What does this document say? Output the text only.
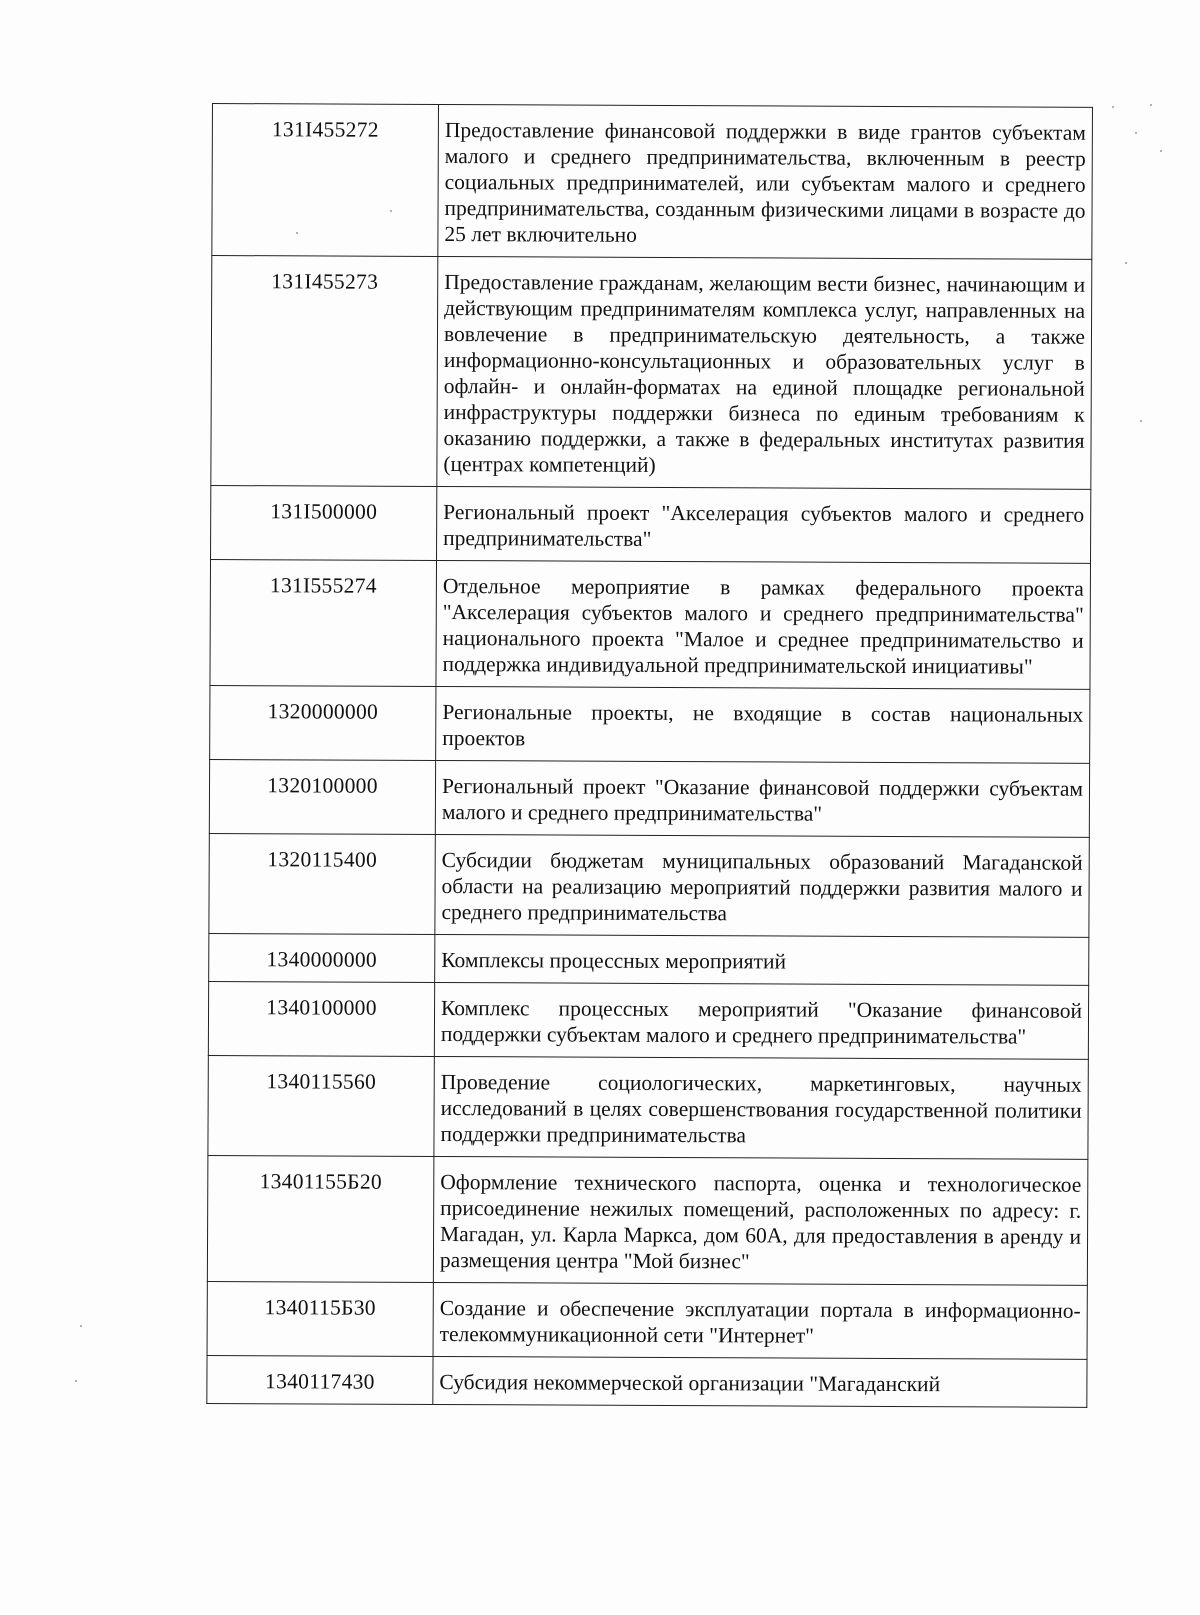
131I455272	Предоставление финансовой поддержки в виде грантов субъектам малого и среднего предпринимательства, включенным в реестр социальных предпринимателей, или субъектам малого и среднего предпринимательства, созданным физическими лицами в возрасте до 25 лет включительно
131I455273	Предоставление гражданам, желающим вести бизнес, начинающим и действующим предпринимателям комплекса услуг, направленных на вовлечение в предпринимательскую деятельность, а также информационно-консультационных и образовательных услуг в офлайн- и онлайн-форматах на единой площадке региональной инфраструктуры поддержки бизнеса по единым требованиям к оказанию поддержки, а также в федеральных институтах развития (центрах компетенций)
131I500000	Региональный проект "Акселерация субъектов малого и среднего предпринимательства"
131I555274	Отдельное мероприятие в рамках федерального проекта "Акселерация субъектов малого и среднего предпринимательства" национального проекта "Малое и среднее предпринимательство и поддержка индивидуальной предпринимательской инициативы"
1320000000	Региональные проекты, не входящие в состав национальных проектов
1320100000	Региональный проект "Оказание финансовой поддержки субъектам малого и среднего предпринимательства"
1320115400	Субсидии бюджетам муниципальных образований Магаданской области на реализацию мероприятий поддержки развития малого и среднего предпринимательства
1340000000	Комплексы процессных мероприятий
1340100000	Комплекс процессных мероприятий "Оказание финансовой поддержки субъектам малого и среднего предпринимательства"
1340115560	Проведение социологических, маркетинговых, научных исследований в целях совершенствования государственной политики поддержки предпринимательства
13401155Б20	Оформление технического паспорта, оценка и технологическое присоединение нежилых помещений, расположенных по адресу: г. Магадан, ул. Карла Маркса, дом 60А, для предоставления в аренду и размещения центра "Мой бизнес"
1340115Б30	Создание и обеспечение эксплуатации портала в информационно-телекоммуникационной сети "Интернет"
1340117430	Субсидия некоммерческой организации "Магаданский
